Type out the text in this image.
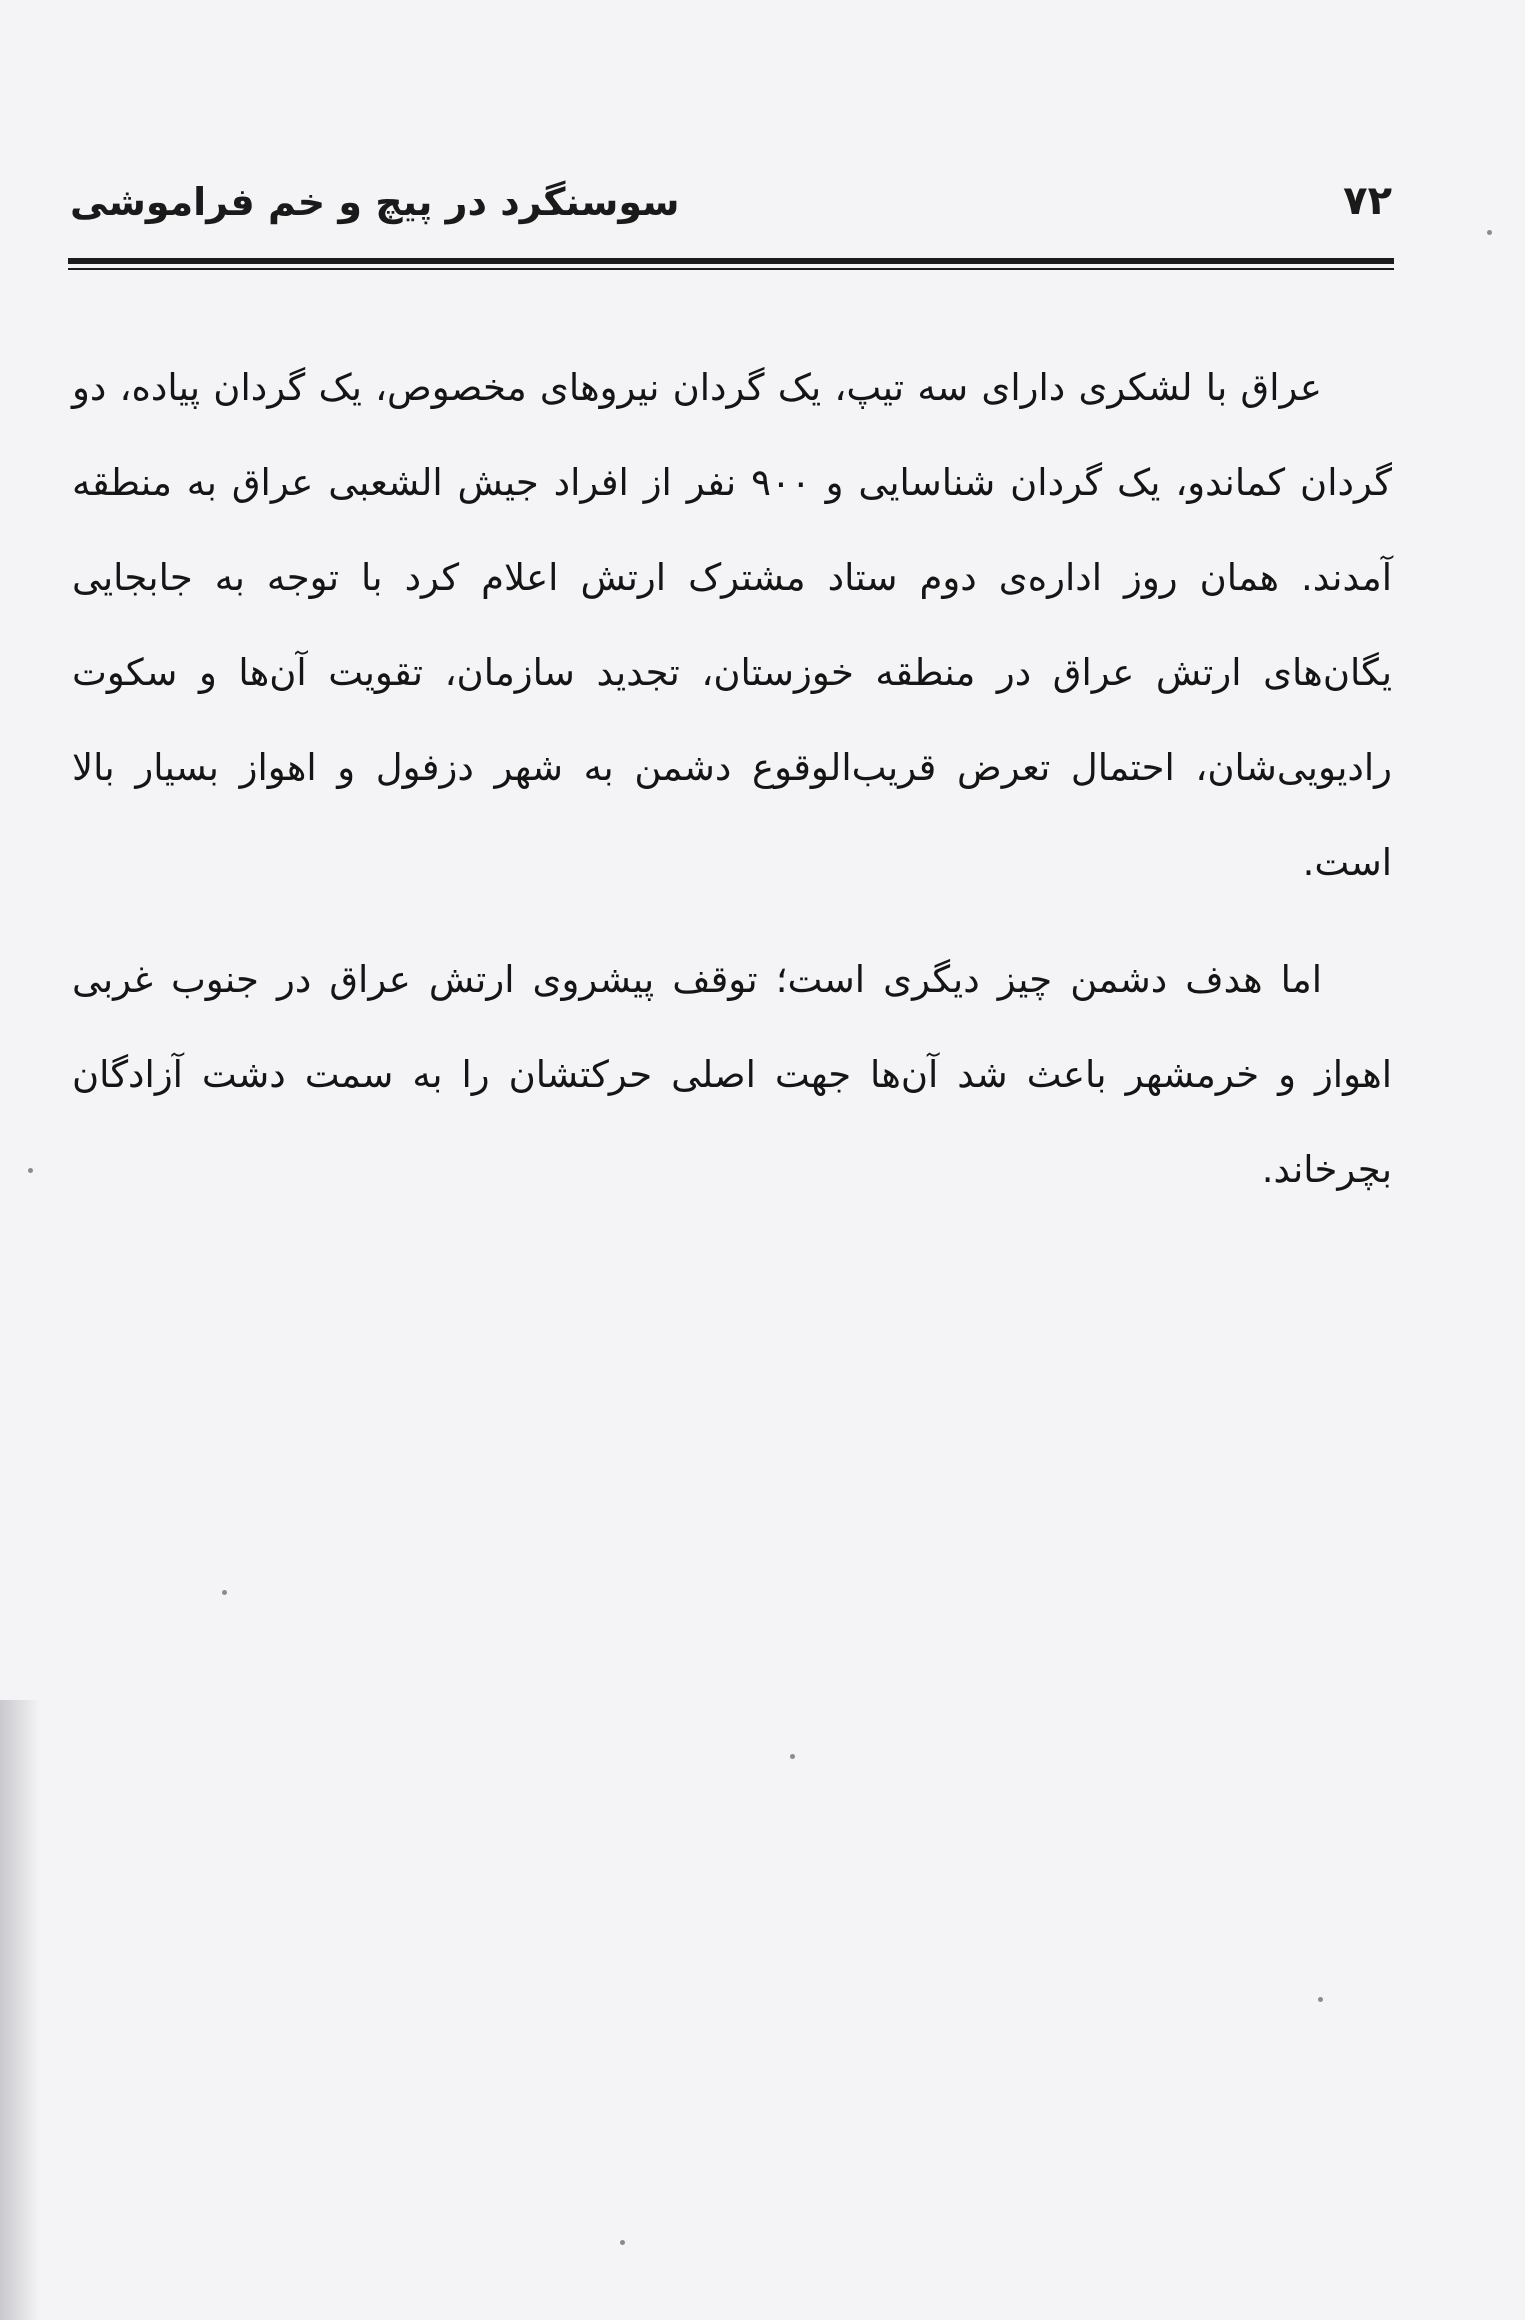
۷۲
سوسنگرد در پیچ و خم فراموشی

عراق با لشکری دارای سه تیپ، یک گردان نیروهای مخصوص، یک گردان پیاده، دو گردان کماندو، یک گردان شناسایی و ۹۰۰ نفر از افراد جیش الشعبی عراق به منطقه آمدند. همان روز اداره‌ی دوم ستاد مشترک ارتش اعلام کرد با توجه به جابجایی یگان‌های ارتش عراق در منطقه خوزستان، تجدید سازمان، تقویت آن‌ها و سکوت رادیویی‌شان، احتمال تعرض قریب‌الوقوع دشمن به شهر دزفول و اهواز بسیار بالا است.

اما هدف دشمن چیز دیگری است؛ توقف پیشروی ارتش عراق در جنوب غربی اهواز و خرمشهر باعث شد آن‌ها جهت اصلی حرکتشان را به سمت دشت آزادگان بچرخاند.
